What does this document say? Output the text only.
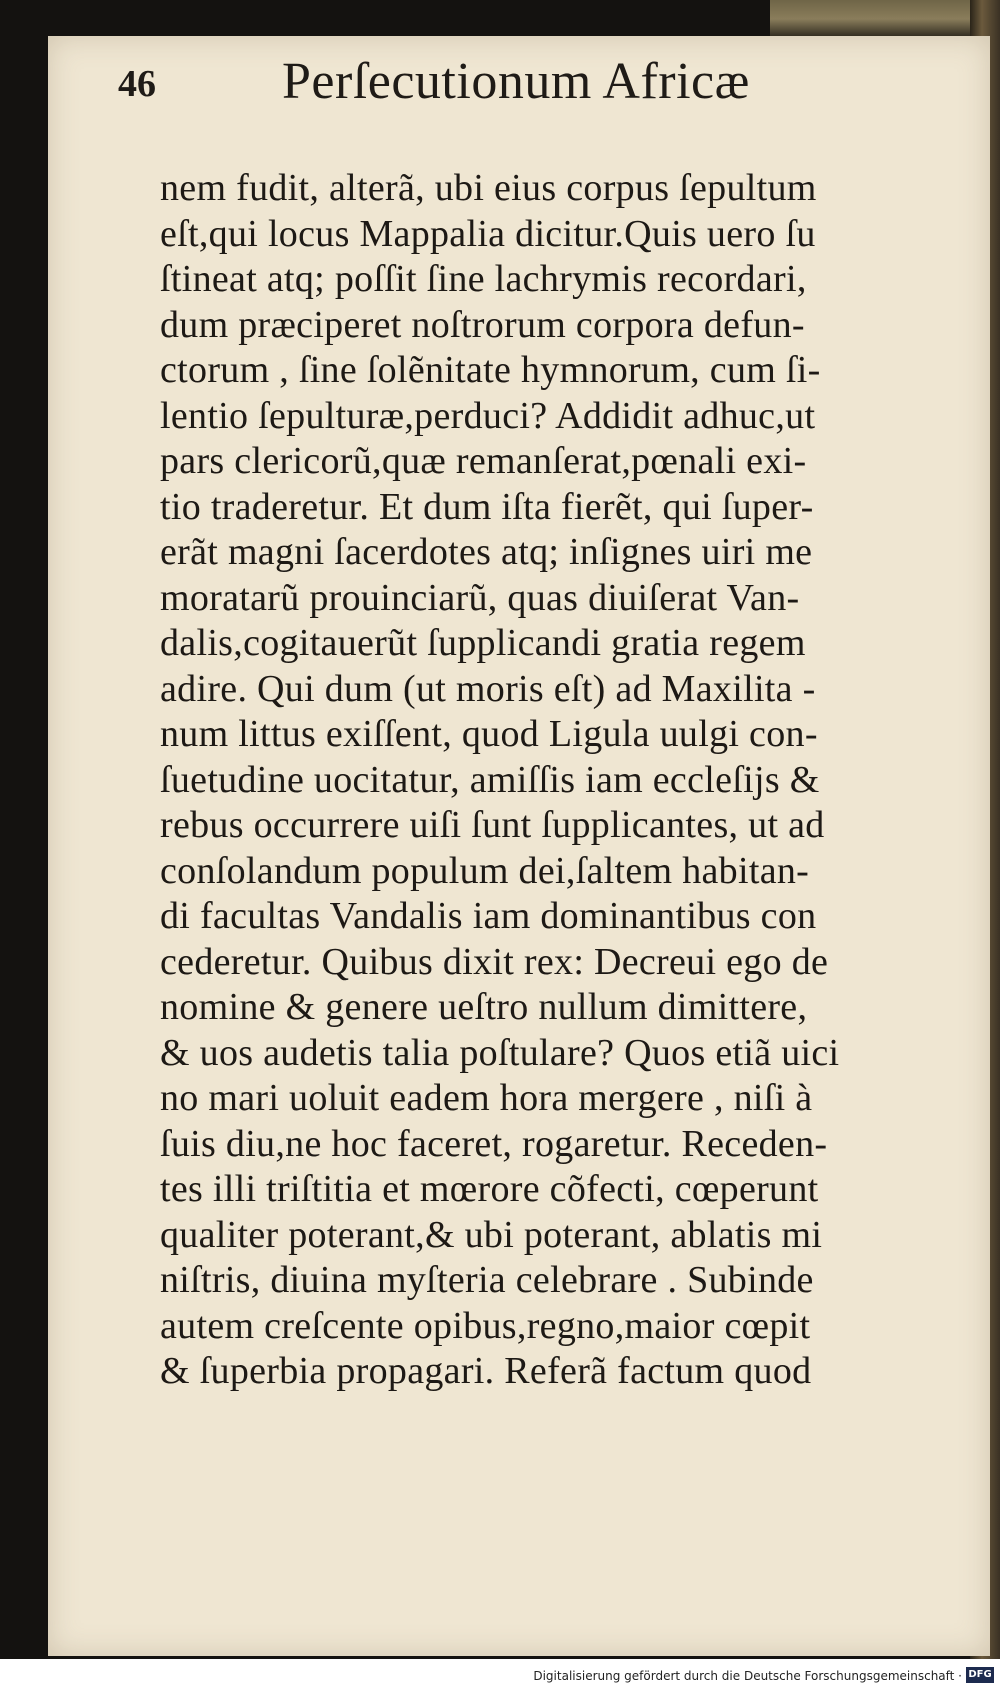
46 Perſecutionum Africæ
nem fudit, alterã, ubi eius corpus ſepultum
eſt,qui locus Mappalia dicitur.Quis uero ſu
ſtineat atq; poſſit ſine lachrymis recordari,
dum præciperet noſtrorum corpora defun-
ctorum , ſine ſolẽnitate hymnorum, cum ſi-
lentio ſepulturæ,perduci? Addidit adhuc,ut
pars clericorũ,quæ remanſerat,pœnali exi-
tio traderetur. Et dum iſta fierẽt, qui ſuper-
erãt magni ſacerdotes atq; inſignes uiri me
moratarũ prouinciarũ, quas diuiſerat Van-
dalis,cogitauerũt ſupplicandi gratia regem
adire. Qui dum (ut moris eſt) ad Maxilita -
num littus exiſſent, quod Ligula uulgi con-
ſuetudine uocitatur, amiſſis iam eccleſijs &
rebus occurrere uiſi ſunt ſupplicantes, ut ad
conſolandum populum dei,ſaltem habitan-
di facultas Vandalis iam dominantibus con
cederetur. Quibus dixit rex: Decreui ego de
nomine & genere ueſtro nullum dimittere,
& uos audetis talia poſtulare? Quos etiã uici
no mari uoluit eadem hora mergere , niſi à
ſuis diu,ne hoc faceret, rogaretur. Receden-
tes illi triſtitia et mœrore cõfecti, cœperunt
qualiter poterant,& ubi poterant, ablatis mi
niſtris, diuina myſteria celebrare . Subinde
autem creſcente opibus,regno,maior cœpit
& ſuperbia propagari. Referã factum quod
Digitalisierung gefördert durch die Deutsche Forschungsgemeinschaft · DFG
